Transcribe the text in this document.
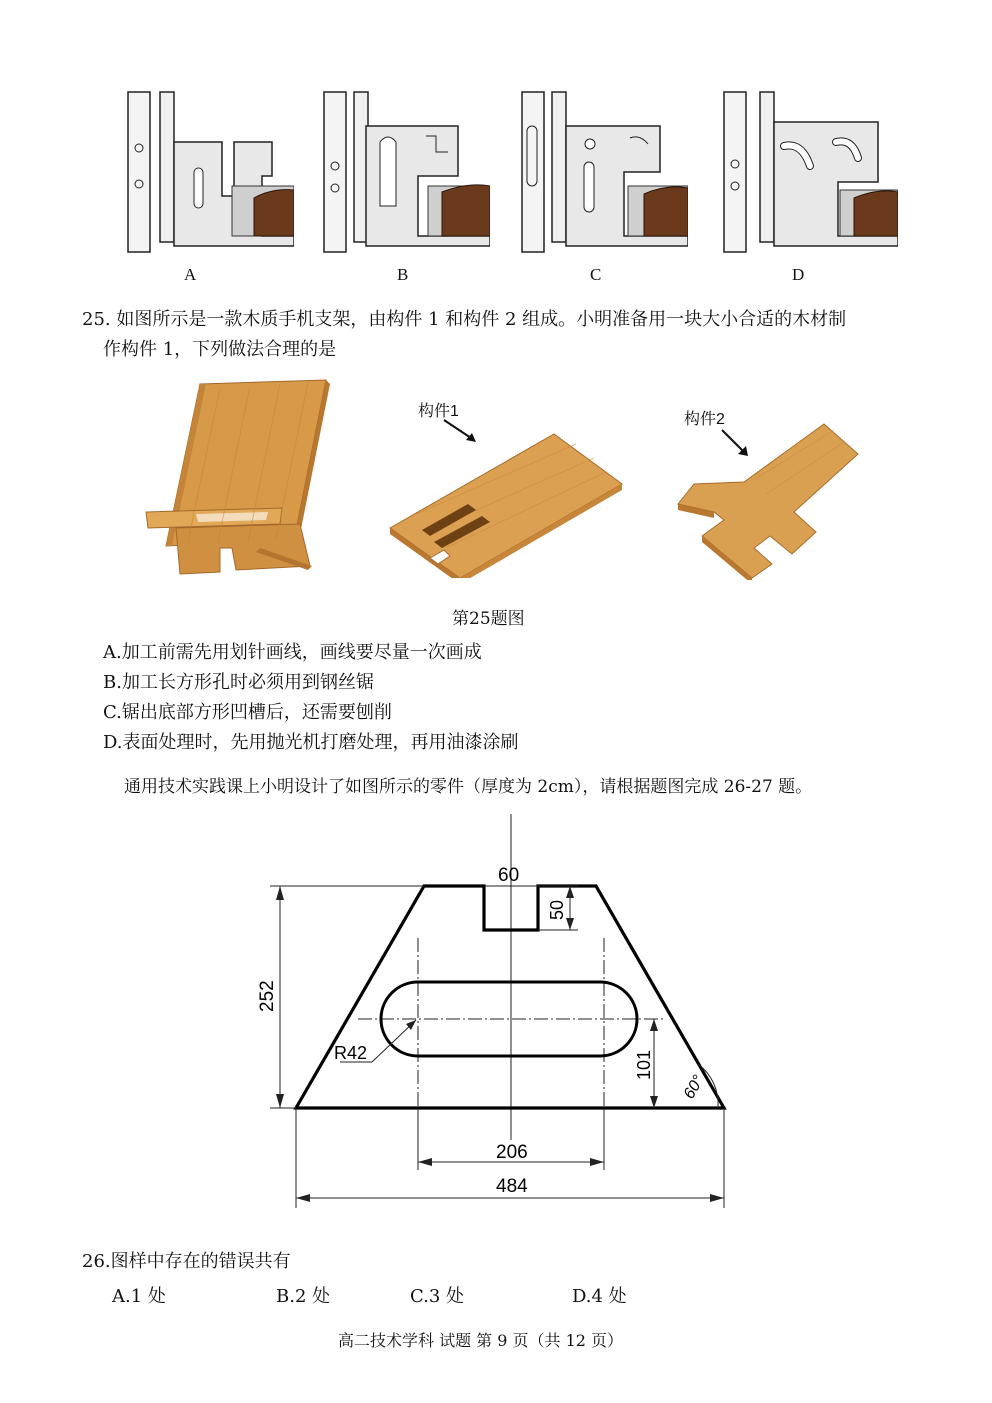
A	B	C	D
25. 如图所示是一款木质手机支架，由构件 1 和构件 2 组成。小明准备用一块大小合适的木材制
作构件 1，下列做法合理的是
构件1	构件2
第25题图
A.加工前需先用划针画线，画线要尽量一次画成
B.加工长方形孔时必须用到钢丝锯
C.锯出底部方形凹槽后，还需要刨削
D.表面处理时，先用抛光机打磨处理，再用油漆涂刷
通用技术实践课上小明设计了如图所示的零件（厚度为 2cm），请根据题图完成 26-27 题。
60
50
252
R42	101
60°
206
484
26.图样中存在的错误共有
A.1 处	B.2 处	C.3 处	D.4 处
高二技术学科 试题 第 9 页（共 12 页）
